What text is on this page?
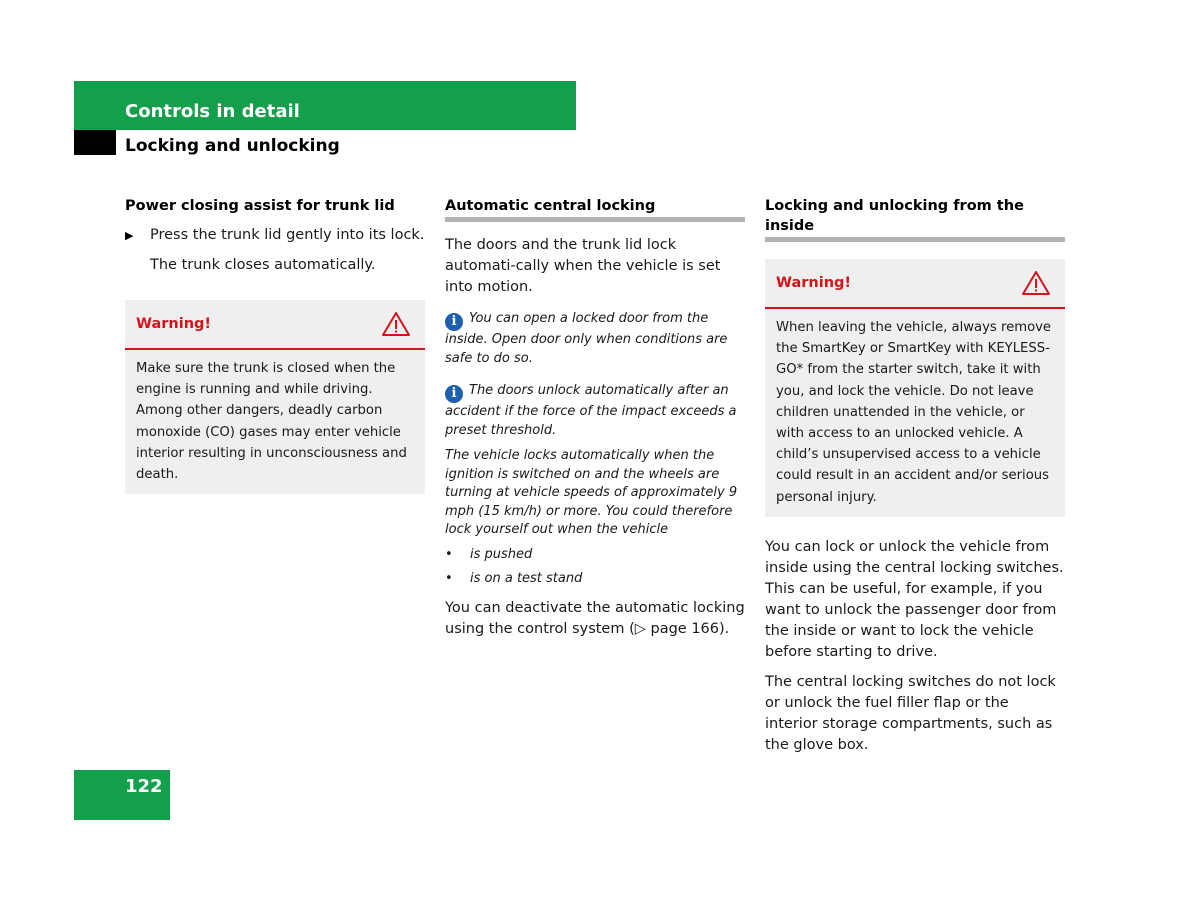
Controls in detail
Locking and unlocking

Power closing assist for trunk lid

▶	Press the trunk lid gently into its lock.

The trunk closes automatically.

Warning!
Make sure the trunk is closed when the engine is running and while driving. Among other dangers, deadly carbon monoxide (CO) gases may enter vehicle interior resulting in unconsciousness and death.

Automatic central locking

The doors and the trunk lid lock automati-cally when the vehicle is set into motion.

i You can open a locked door from the inside. Open door only when conditions are safe to do so.

i The doors unlock automatically after an accident if the force of the impact exceeds a preset threshold.

The vehicle locks automatically when the ignition is switched on and the wheels are turning at vehicle speeds of approximately 9 mph (15 km/h) or more. You could therefore lock yourself out when the vehicle

•	is pushed
•	is on a test stand

You can deactivate the automatic locking using the control system (▷ page 166).

Locking and unlocking from the inside

Warning!
When leaving the vehicle, always remove the SmartKey or SmartKey with KEYLESS-GO* from the starter switch, take it with you, and lock the vehicle. Do not leave children unattended in the vehicle, or with access to an unlocked vehicle. A child’s unsupervised access to a vehicle could result in an accident and/or serious personal injury.

You can lock or unlock the vehicle from inside using the central locking switches. This can be useful, for example, if you want to unlock the passenger door from the inside or want to lock the vehicle before starting to drive.

The central locking switches do not lock or unlock the fuel filler flap or the interior storage compartments, such as the glove box.

122
